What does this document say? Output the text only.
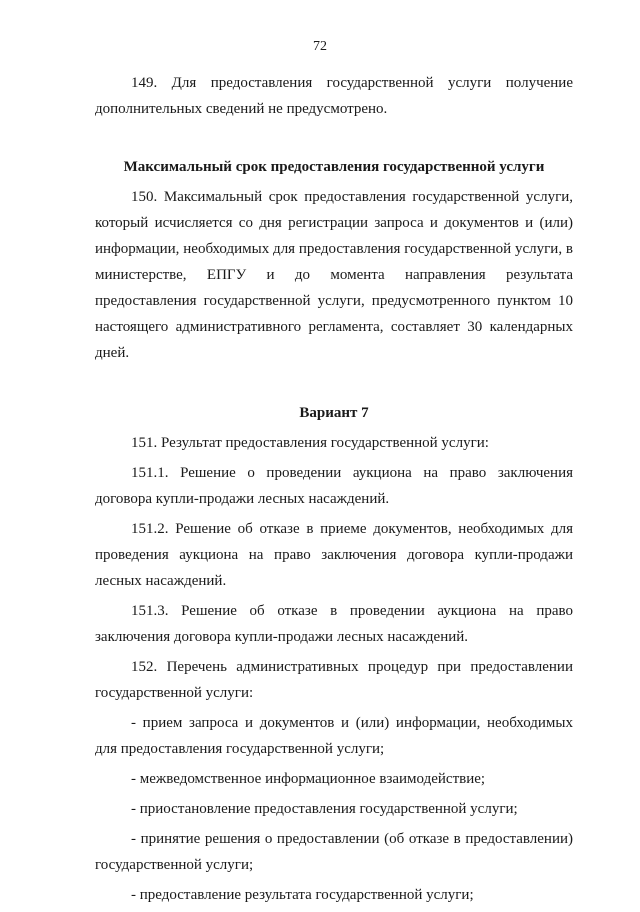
72

149. Для предоставления государственной услуги получение дополнительных сведений не предусмотрено.

Максимальный срок предоставления государственной услуги

150. Максимальный срок предоставления государственной услуги, который исчисляется со дня регистрации запроса и документов и (или) информации, необходимых для предоставления государственной услуги, в министерстве, ЕПГУ и до момента направления результата предоставления государственной услуги, предусмотренного пунктом 10 настоящего административного регламента, составляет 30 календарных дней.

Вариант 7

151. Результат предоставления государственной услуги:

151.1. Решение о проведении аукциона на право заключения договора купли-продажи лесных насаждений.

151.2. Решение об отказе в приеме документов, необходимых для проведения аукциона на право заключения договора купли-продажи лесных насаждений.

151.3. Решение об отказе в проведении аукциона на право заключения договора купли-продажи лесных насаждений.

152. Перечень административных процедур при предоставлении государственной услуги:

- прием запроса и документов и (или) информации, необходимых для предоставления государственной услуги;

- межведомственное информационное взаимодействие;

- приостановление предоставления государственной услуги;

- принятие решения о предоставлении (об отказе в предоставлении) государственной услуги;

- предоставление результата государственной услуги;
